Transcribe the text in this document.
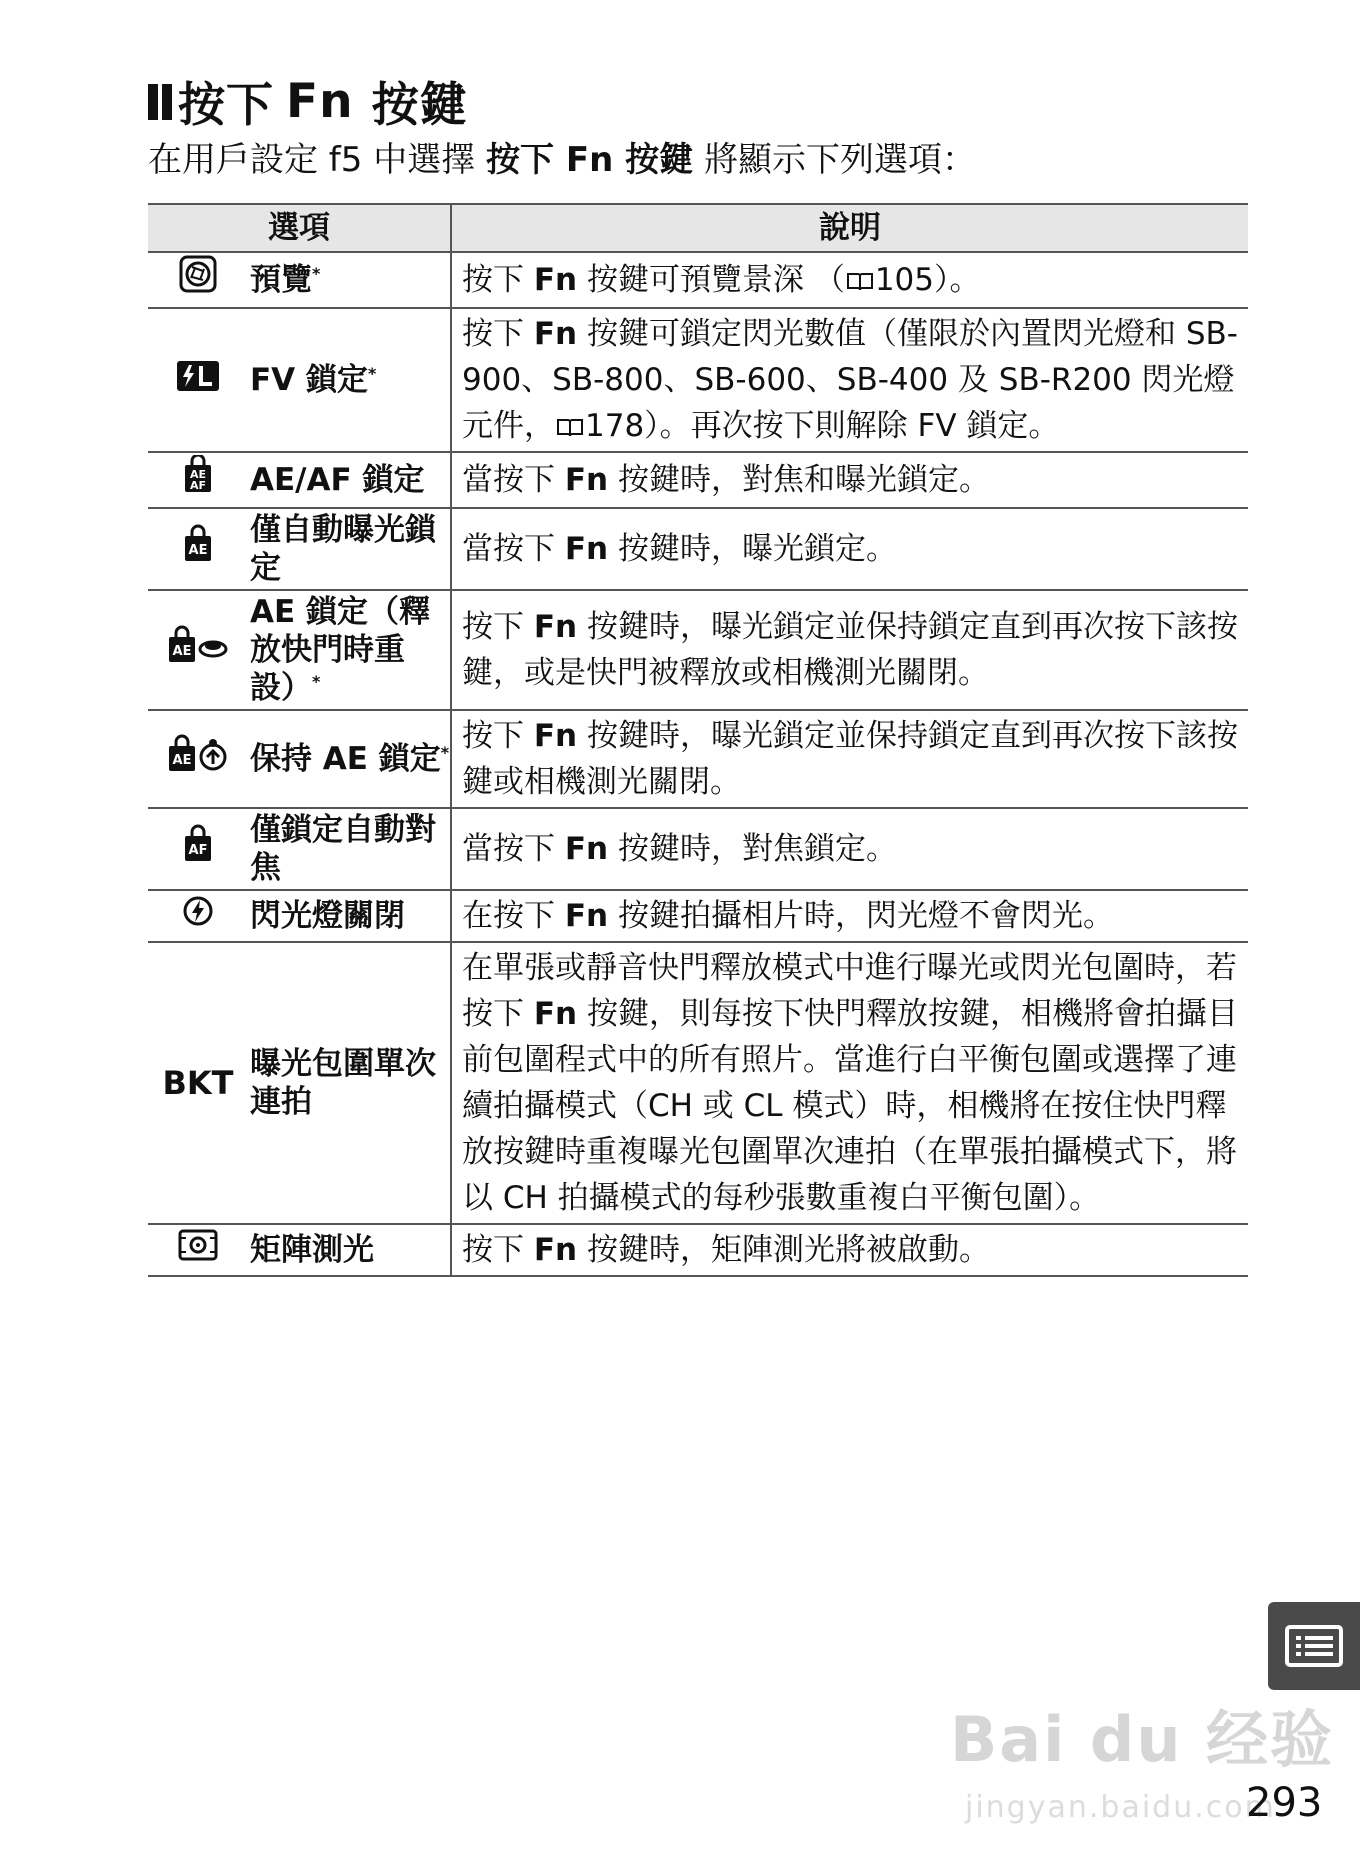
按下 Fn 按鍵
在用戶設定 f5 中選擇 按下 Fn 按鍵 將顯示下列選項：
選項		說明
	預覽*	按下 Fn 按鍵可預覽景深 （ 105）。
	FV 鎖定*	按下 Fn 按鍵可鎖定閃光數值（僅限於內置閃光燈和 SB-900、SB-800、SB-600、SB-400 及 SB-R200 閃光燈元件， 178）。再次按下則解除 FV 鎖定。

AE
AF	AE/AF 鎖定	當按下 Fn 按鍵時，對焦和曝光鎖定。

AE	僅自動曝光鎖定	當按下 Fn 按鍵時，曝光鎖定。

AE	AE 鎖定（釋放快門時重設）*	按下 Fn 按鍵時，曝光鎖定並保持鎖定直到再次按下該按鍵，或是快門被釋放或相機測光關閉。

AE	保持 AE 鎖定*	按下 Fn 按鍵時，曝光鎖定並保持鎖定直到再次按下該按鍵或相機測光關閉。

AF	僅鎖定自動對焦	當按下 Fn 按鍵時，對焦鎖定。
	閃光燈關閉	在按下 Fn 按鍵拍攝相片時，閃光燈不會閃光。
BKT	曝光包圍單次連拍	在單張或靜音快門釋放模式中進行曝光或閃光包圍時，若按下 Fn 按鍵，則每按下快門釋放按鍵，相機將會拍攝目前包圍程式中的所有照片。當進行白平衡包圍或選擇了連續拍攝模式（CH 或 CL 模式）時，相機將在按住快門釋放按鍵時重複曝光包圍單次連拍（在單張拍攝模式下，將以 CH 拍攝模式的每秒張數重複白平衡包圍）。
	矩陣測光	按下 Fn 按鍵時，矩陣測光將被啟動。
Bai du 经验
jingyan.baidu.com
293
